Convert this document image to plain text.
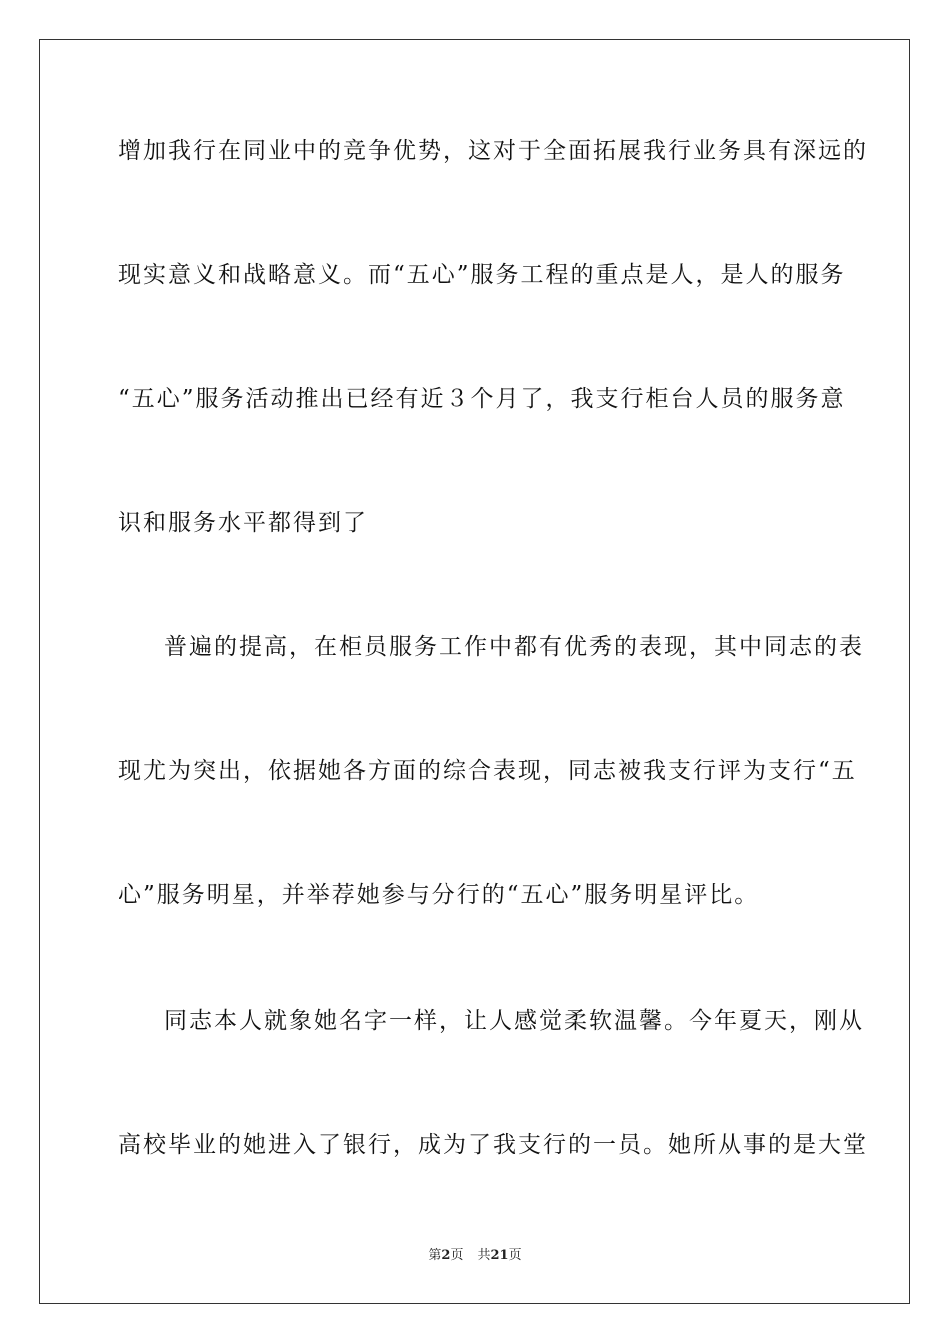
增加我行在同业中的竞争优势，这对于全面拓展我行业务具有深远的
现实意义和战略意义。而“五心”服务工程的重点是人，是人的服务
“五心”服务活动推出已经有近３个月了，我支行柜台人员的服务意
识和服务水平都得到了
普遍的提高，在柜员服务工作中都有优秀的表现，其中同志的表
现尤为突出，依据她各方面的综合表现，同志被我支行评为支行“五
心”服务明星，并举荐她参与分行的“五心”服务明星评比。
同志本人就象她名字一样，让人感觉柔软温馨。今年夏天，刚从
高校毕业的她进入了银行，成为了我支行的一员。她所从事的是大堂
第2页 共21页
